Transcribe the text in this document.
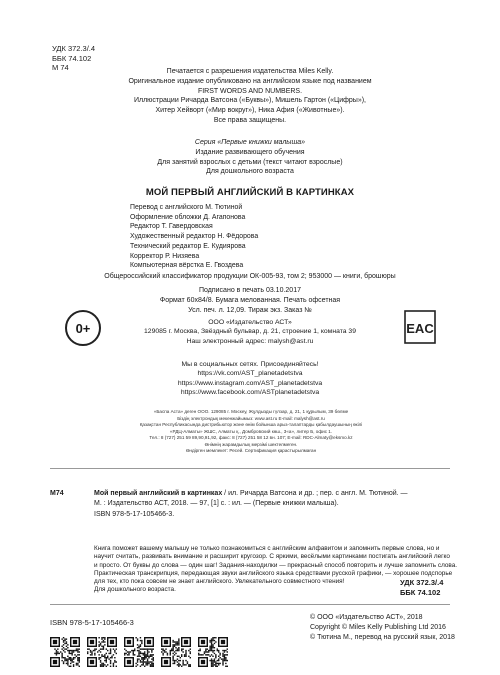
УДК 372.3/.4
ББК 74.102
М 74	Печатается с разрешения издательства Miles Kelly.
Оригинальное издание опубликовано на английском языке под названием
FIRST WORDS AND NUMBERS.
Иллюстрации Ричарда Ватсона («Буквы»), Мишель Гартон («Цифры»),
Хитер Хейворт («Мир вокруг»), Ника Афия («Животные»).
Все права защищены.
Серия «Первые книжки малыша»
Издание развивающего обучения
Для занятий взрослых с детьми (текст читают взрослые)
Для дошкольного возраста
МОЙ ПЕРВЫЙ АНГЛИЙСКИЙ В КАРТИНКАХ
Перевод с английского М. Тютиной
Оформление обложки Д. Агапонова
Редактор Т. Гавердовская
Художественный редактор Н. Фёдорова
Технический редактор Е. Кудиярова
Корректор Р. Низяева
Компьютерная вёрстка Е. Гвоздева
Общероссийский классификатор продукции ОК-005-93, том 2; 953000 — книги, брошюры
Подписано в печать 03.10.2017
Формат 60х84/8. Бумага мелованная. Печать офсетная
Усл. печ. л. 12,09. Тираж экз. Заказ №
0+	EAC
ООО «Издательство АСТ»
129085 г. Москва, Звёздный бульвар, д. 21, строение 1, комната 39
Наш электронный адрес: malysh@ast.ru
Мы в социальных сетях. Присоединяйтесь!
https://vk.com/AST_planetadetstva
https://www.instagram.com/AST_planetadetstva
https://www.facebook.com/ASTplanetadetstva
«Баспа Аста» деген ООО. 129085 г. Мәскеу, Жұлдызды гүлзар, д. 21, 1 құрылым, 39 бөлме
Біздің электрондық мекенжайымыз: www.ast.ru E-mail: malysh@ast.ru
Қазақстан Республикасында дистрибьютор және өнім бойынша арыз-талаптарды қабылдаушының өкілі
«РДЦ-Алматы» ЖШС, Алматы қ., Домбровский көш., 3«а», литер Б, офис 1.
Тел.: 8 (727) 251 59 89,90,91,92, факс: 8 (727) 251 58 12 вн. 107; E-mail: RDC-Almaty@eksmo.kz
Өнімнің жарамдылық мерзімі шектелмеген.
Өндірген мемлекет: Ресей. Сертификация қарастырылмаған
М74	Мой первый английский в картинках / ил. Ричарда Ватсона и др. ; пер. с англ. М. Тютиной. —
М. : Издательство АСТ, 2018. — 97, [1] с. : ил. — (Первые книжки малыша).
ISBN 978-5-17-105466-3.
Книга поможет вашему малышу не только познакомиться с английским алфавитом и запомнить первые слова, но и
научит считать, развивать внимание и расширит кругозор. С яркими, весёлыми картинками постигать английский легко
и просто. От буквы до слова — один шаг! Задания-находилки — прекрасный способ повторить и лучше запомнить слова.
Практическая транскрипция, передающая звуки английского языка средствами русской графики, — хорошее подспорье
для тех, кто пока совсем не знает английского. Увлекательного совместного чтения!
Для дошкольного возраста.
УДК 372.3/.4
ББК 74.102
ISBN 978-5-17-105466-3
© ООО «Издательство АСТ», 2018
Copyright © Miles Kelly Publishing Ltd 2016
© Тютина М., перевод на русский язык, 2018
